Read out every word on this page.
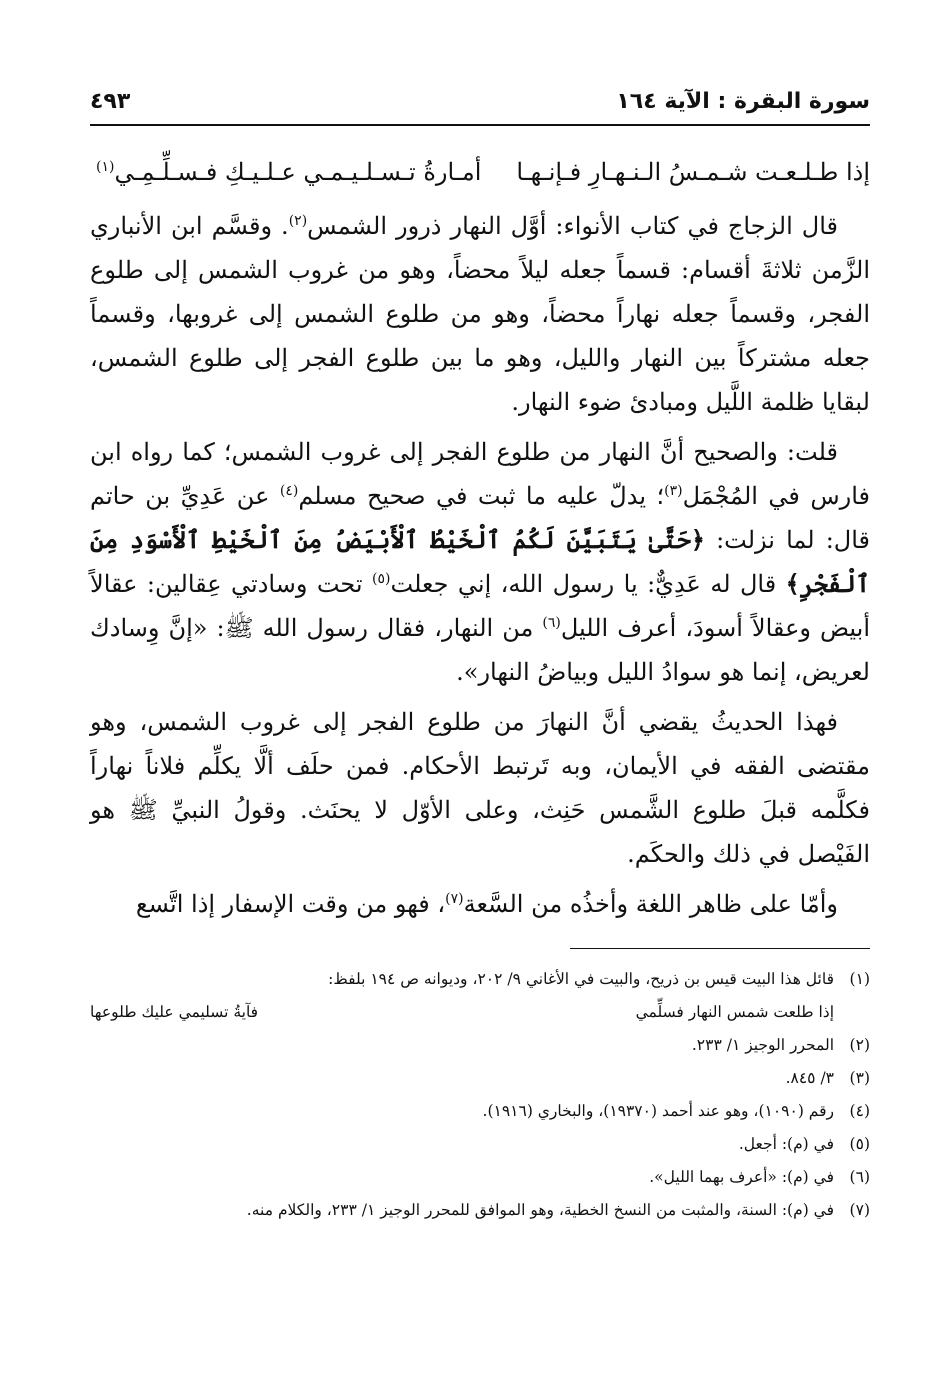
سورة البقرة : الآية ١٦٤
٤٩٣
إذا طـلـعـت شـمـسُ الـنـهـارِ فـإنـهـا
أمـارةُ تـسـلـيـمـي عـلـيـكِ فـسـلِّـمِـي$^{(١)}$

قال الزجاج في كتاب الأنواء: أوَّل النهار ذرور الشمس$^{(٢)}$. وقسَّم ابن الأنباري الزَّمن ثلاثةَ أقسام: قسماً جعله ليلاً محضاً، وهو من غروب الشمس إلى طلوع الفجر، وقسماً جعله نهاراً محضاً، وهو من طلوع الشمس إلى غروبها، وقسماً جعله مشتركاً بين النهار والليل، وهو ما بين طلوع الفجر إلى طلوع الشمس، لبقايا ظلمة اللَّيل ومبادئ ضوء النهار.

قلت: والصحيح أنَّ النهار من طلوع الفجر إلى غروب الشمس؛ كما رواه ابن فارس في المُجْمَل$^{(٣)}$؛ يدلّ عليه ما ثبت في صحيح مسلم$^{(٤)}$ عن عَدِيِّ بن حاتم قال: لما نزلت: ﴿حَتَّىٰ يَتَبَيَّنَ لَكُمُ ٱلْخَيْطُ ٱلْأَبْيَضُ مِنَ ٱلْخَيْطِ ٱلْأَسْوَدِ مِنَ ٱلْفَجْرِ﴾ قال له عَدِيٌّ: يا رسول الله، إني جعلت$^{(٥)}$ تحت وسادتي عِقالين: عقالاً أبيض وعقالاً أسودَ، أعرف الليل$^{(٦)}$ من النهار، فقال رسول الله ﷺ: «إنَّ وِسادك لعريض، إنما هو سوادُ الليل وبياضُ النهار».

فهذا الحديثُ يقضي أنَّ النهارَ من طلوع الفجر إلى غروب الشمس، وهو مقتضى الفقه في الأيمان، وبه تَرتبط الأحكام. فمن حلَف ألَّا يكلِّم فلاناً نهاراً فكلَّمه قبلَ طلوع الشَّمس حَنِث، وعلى الأوّل لا يحنَث. وقولُ النبيِّ ﷺ هو الفَيْصل في ذلك والحكَم.

وأمّا على ظاهر اللغة وأخذُه من السَّعة$^{(٧)}$، فهو من وقت الإسفار إذا اتَّسع

(١)
قائل هذا البيت قيس بن ذريح، والبيت في الأغاني ٩/ ٢٠٢، وديوانه ص ١٩٤ بلفظ:
إذا طلعت شمس النهار فسلِّمي
فآيةُ تسليمي عليك طلوعها
(٢)
المحرر الوجيز ١/ ٢٣٣.
(٣)
٣/ ٨٤٥.
(٤)
رقم (١٠٩٠)، وهو عند أحمد (١٩٣٧٠)، والبخاري (١٩١٦).
(٥)
في (م): أجعل.
(٦)
في (م): «أعرف بهما الليل».
(٧)
في (م): السنة، والمثبت من النسخ الخطية، وهو الموافق للمحرر الوجيز ١/ ٢٣٣، والكلام منه.
